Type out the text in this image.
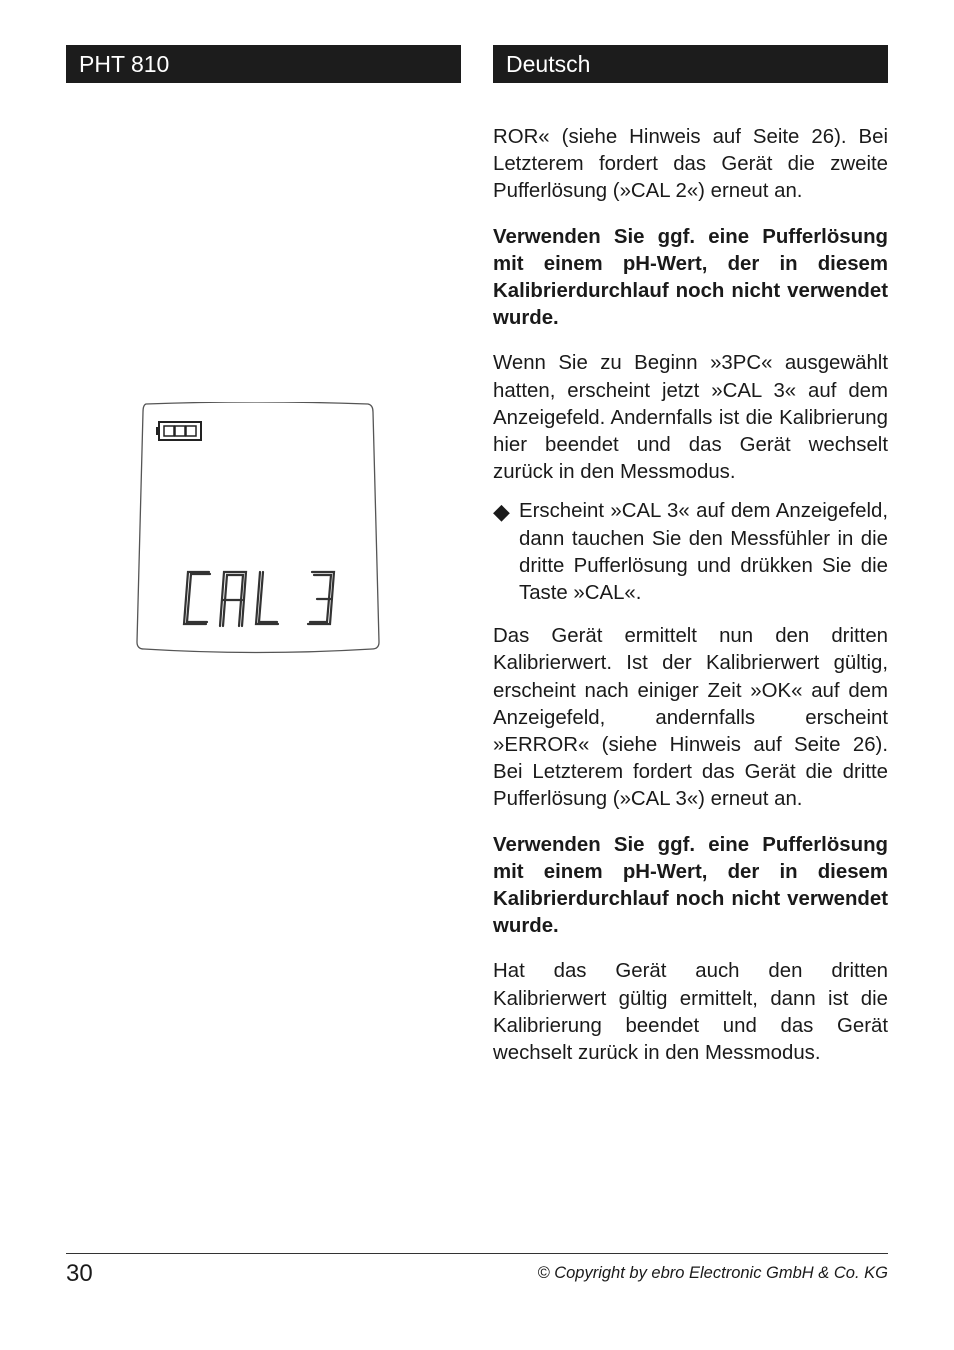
PHT 810	Deutsch

ROR« (siehe Hinweis auf Seite 26). Bei Letzterem fordert das Gerät die zweite Pufferlösung (»CAL 2«) erneut an.

Verwenden Sie ggf. eine Pufferlösung mit einem pH-Wert, der in diesem Kalibrierdurchlauf noch nicht verwendet wurde.

Wenn Sie zu Beginn »3PC« ausgewählt hatten, erscheint jetzt »CAL 3« auf dem Anzeigefeld. Andernfalls ist die Kalibrierung hier beendet und das Gerät wechselt zurück in den Messmodus.

◆ Erscheint »CAL 3« auf dem Anzeigefeld, dann tauchen Sie den Messfühler in die dritte Pufferlösung und drükken Sie die Taste »CAL«.

Das Gerät ermittelt nun den dritten Kalibrierwert. Ist der Kalibrierwert gültig, erscheint nach einiger Zeit »OK« auf dem Anzeigefeld, andernfalls erscheint »ERROR« (siehe Hinweis auf Seite 26). Bei Letzterem fordert das Gerät die dritte Pufferlösung (»CAL 3«) erneut an.

Verwenden Sie ggf. eine Pufferlösung mit einem pH-Wert, der in diesem Kalibrierdurchlauf noch nicht verwendet wurde.

Hat das Gerät auch den dritten Kalibrierwert gültig ermittelt, dann ist die Kalibrierung beendet und das Gerät wechselt zurück in den Messmodus.

30	© Copyright by ebro Electronic GmbH & Co. KG
